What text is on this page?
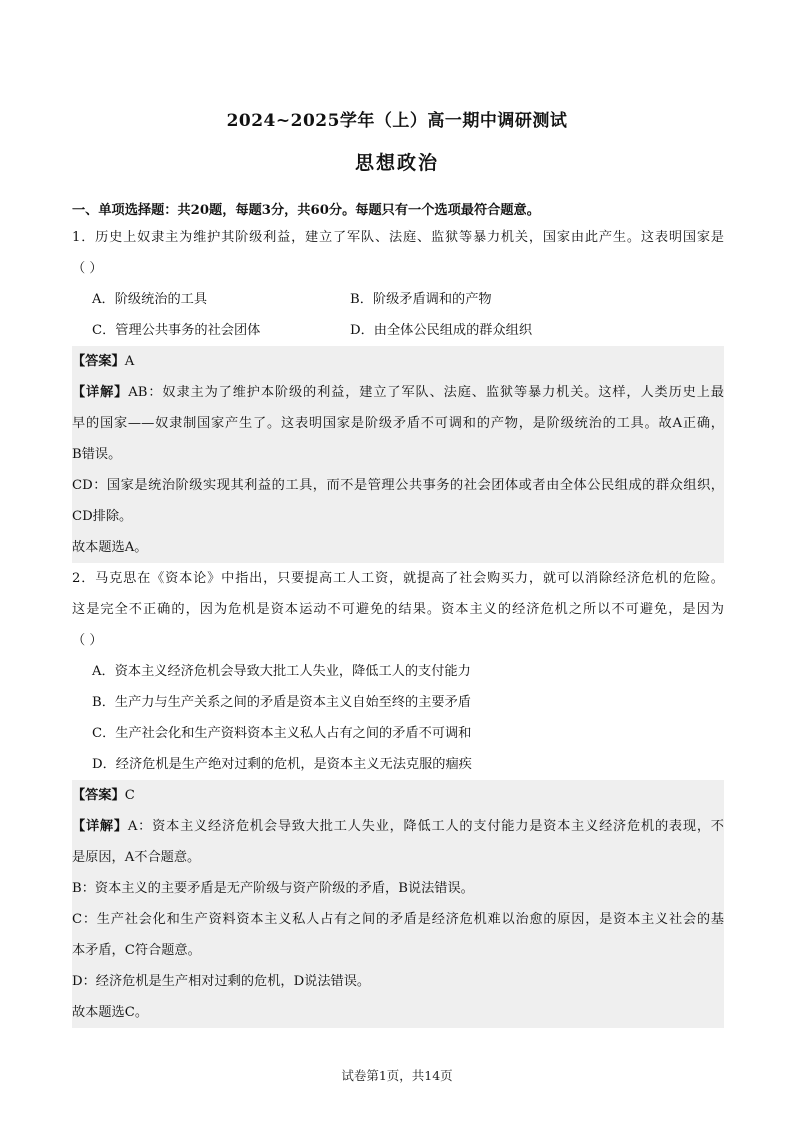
2024~2025学年（上）高一期中调研测试
思想政治
一、单项选择题：共20题，每题3分，共60分。每题只有一个选项最符合题意。
1．历史上奴隶主为维护其阶级利益，建立了军队、法庭、监狱等暴力机关，国家由此产生。这表明国家是
（ ）
A．阶级统治的工具	B．阶级矛盾调和的产物
C．管理公共事务的社会团体	D．由全体公民组成的群众组织
【答案】A
【详解】AB：奴隶主为了维护本阶级的利益，建立了军队、法庭、监狱等暴力机关。这样，人类历史上最
早的国家——奴隶制国家产生了。这表明国家是阶级矛盾不可调和的产物，是阶级统治的工具。故A正确，
B错误。
CD：国家是统治阶级实现其利益的工具，而不是管理公共事务的社会团体或者由全体公民组成的群众组织，
CD排除。
故本题选A。
2．马克思在《资本论》中指出，只要提高工人工资，就提高了社会购买力，就可以消除经济危机的危险。
这是完全不正确的，因为危机是资本运动不可避免的结果。资本主义的经济危机之所以不可避免，是因为
（ ）
A．资本主义经济危机会导致大批工人失业，降低工人的支付能力
B．生产力与生产关系之间的矛盾是资本主义自始至终的主要矛盾
C．生产社会化和生产资料资本主义私人占有之间的矛盾不可调和
D．经济危机是生产绝对过剩的危机，是资本主义无法克服的痼疾
【答案】C
【详解】A：资本主义经济危机会导致大批工人失业，降低工人的支付能力是资本主义经济危机的表现，不
是原因，A不合题意。
B：资本主义的主要矛盾是无产阶级与资产阶级的矛盾，B说法错误。
C：生产社会化和生产资料资本主义私人占有之间的矛盾是经济危机难以治愈的原因，是资本主义社会的基
本矛盾，C符合题意。
D：经济危机是生产相对过剩的危机，D说法错误。
故本题选C。
试卷第1页，共14页
